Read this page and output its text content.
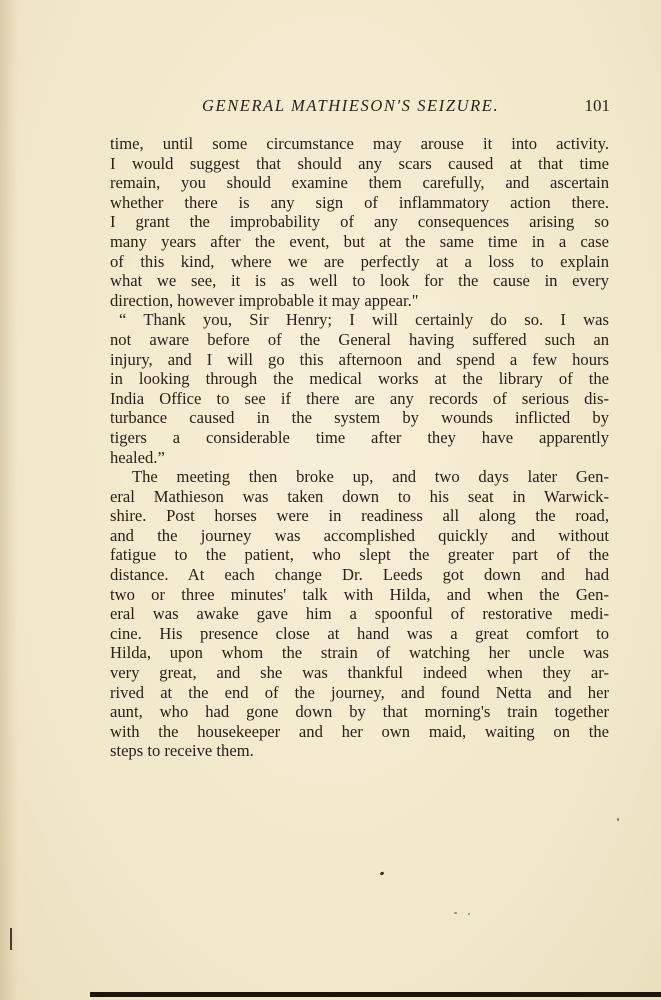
GENERAL MATHIESON'S SEIZURE.	101
time, until some circumstance may arouse it into activity.
I would suggest that should any scars caused at that time
remain, you should examine them carefully, and ascertain
whether there is any sign of inflammatory action there.
I grant the improbability of any consequences arising so
many years after the event, but at the same time in a case
of this kind, where we are perfectly at a loss to explain
what we see, it is as well to look for the cause in every
direction, however improbable it may appear."
“ Thank you, Sir Henry; I will certainly do so. I was
not aware before of the General having suffered such an
injury, and I will go this afternoon and spend a few hours
in looking through the medical works at the library of the
India Office to see if there are any records of serious dis-
turbance caused in the system by wounds inflicted by
tigers a considerable time after they have apparently
healed.”
The meeting then broke up, and two days later Gen-
eral Mathieson was taken down to his seat in Warwick-
shire. Post horses were in readiness all along the road,
and the journey was accomplished quickly and without
fatigue to the patient, who slept the greater part of the
distance. At each change Dr. Leeds got down and had
two or three minutes' talk with Hilda, and when the Gen-
eral was awake gave him a spoonful of restorative medi-
cine. His presence close at hand was a great comfort to
Hilda, upon whom the strain of watching her uncle was
very great, and she was thankful indeed when they ar-
rived at the end of the journey, and found Netta and her
aunt, who had gone down by that morning's train together
with the housekeeper and her own maid, waiting on the
steps to receive them.
